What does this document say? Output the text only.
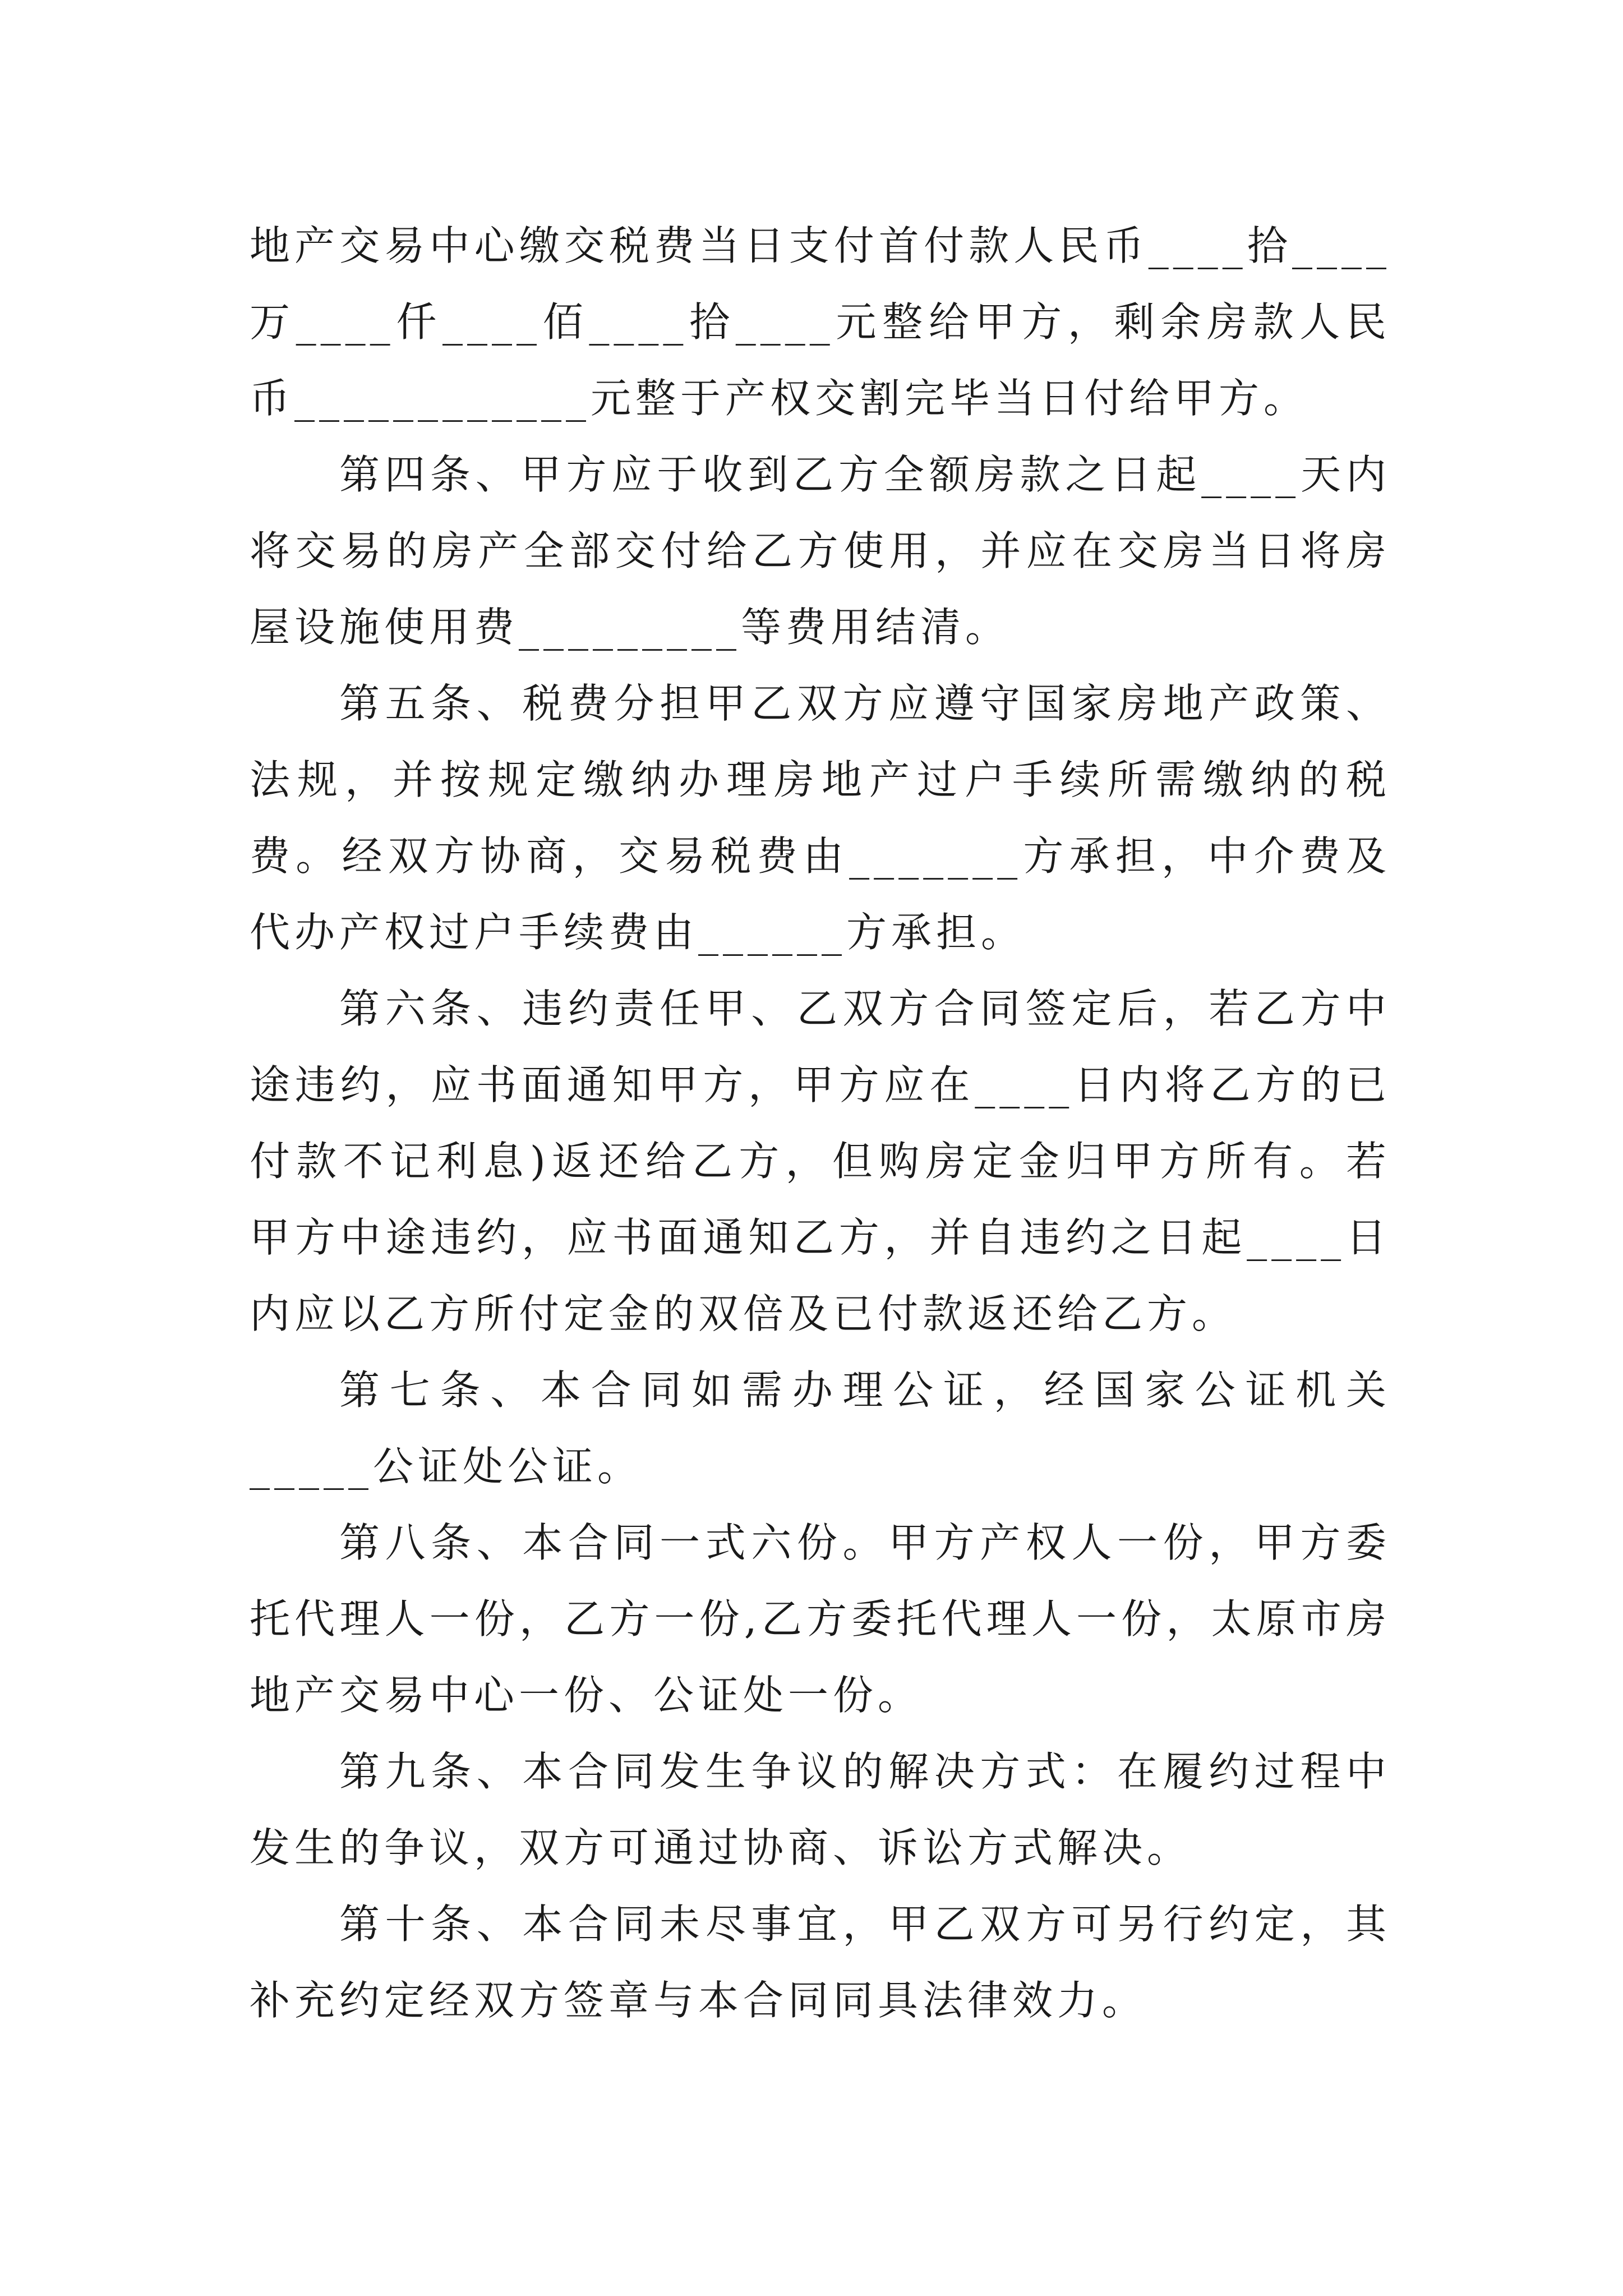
地产交易中心缴交税费当日支付首付款人民币____拾____万____仟____佰____拾____元整给甲方，剩余房款人民币____________元整于产权交割完毕当日付给甲方。

第四条、甲方应于收到乙方全额房款之日起____天内将交易的房产全部交付给乙方使用，并应在交房当日将房屋设施使用费_________等费用结清。

第五条、税费分担甲乙双方应遵守国家房地产政策、法规，并按规定缴纳办理房地产过户手续所需缴纳的税费。经双方协商，交易税费由_______方承担，中介费及代办产权过户手续费由______方承担。

第六条、违约责任甲、乙双方合同签定后，若乙方中途违约，应书面通知甲方，甲方应在____日内将乙方的已付款不记利息)返还给乙方，但购房定金归甲方所有。若甲方中途违约，应书面通知乙方，并自违约之日起____日内应以乙方所付定金的双倍及已付款返还给乙方。

第七条、本合同如需办理公证，经国家公证机关_____公证处公证。

第八条、本合同一式六份。甲方产权人一份，甲方委托代理人一份，乙方一份,乙方委托代理人一份，太原市房地产交易中心一份、公证处一份。

第九条、本合同发生争议的解决方式：在履约过程中发生的争议，双方可通过协商、诉讼方式解决。

第十条、本合同未尽事宜，甲乙双方可另行约定，其补充约定经双方签章与本合同同具法律效力。
